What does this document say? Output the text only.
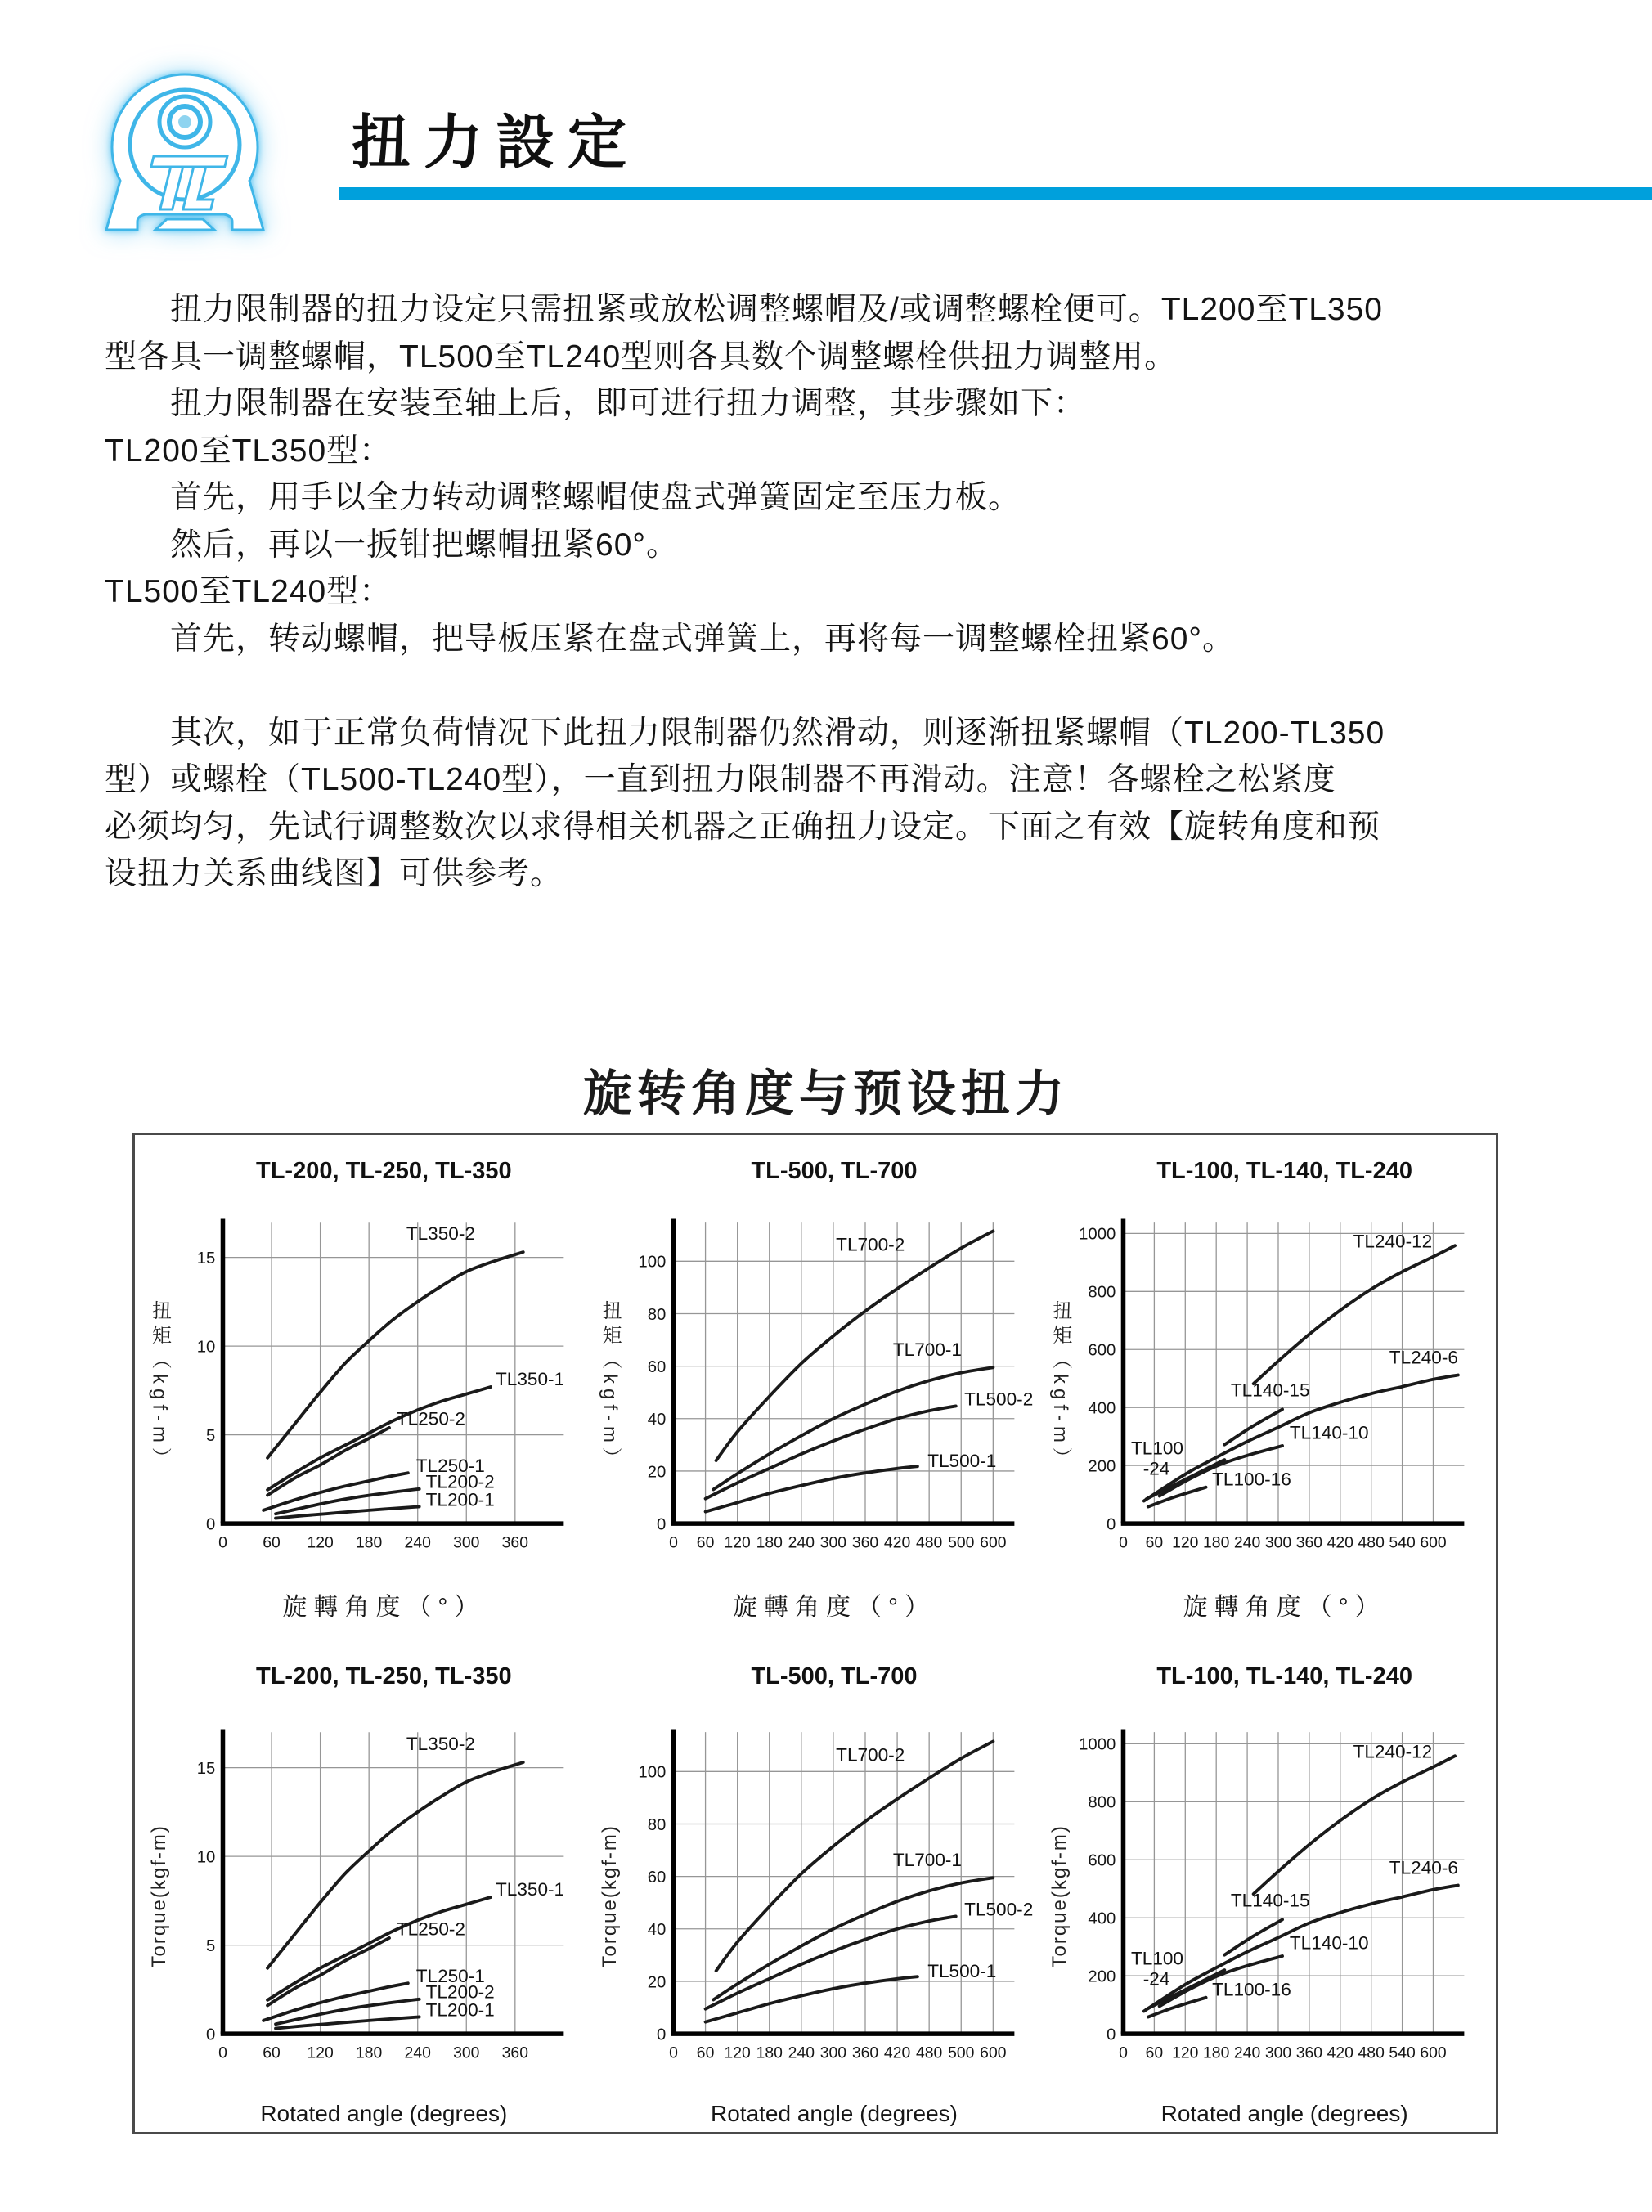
扭力設定
　　扭力限制器的扭力设定只需扭紧或放松调整螺帽及/或调整螺栓便可。TL200至TL350
型各具一调整螺帽，TL500至TL240型则各具数个调整螺栓供扭力调整用。
　　扭力限制器在安装至轴上后，即可进行扭力调整，其步骤如下：
TL200至TL350型：
　　首先，用手以全力转动调整螺帽使盘式弹簧固定至压力板。
　　然后，再以一扳钳把螺帽扭紧60°。
TL500至TL240型：
　　首先，转动螺帽，把导板压紧在盘式弹簧上，再将每一调整螺栓扭紧60°。
　　其次，如于正常负荷情况下此扭力限制器仍然滑动，则逐渐扭紧螺帽（TL200-TL350
型）或螺栓（TL500-TL240型），一直到扭力限制器不再滑动。注意！各螺栓之松紧度
必须均匀，先试行调整数次以求得相关机器之正确扭力设定。下面之有效【旋转角度和预
设扭力关系曲线图】可供参考。
旋转角度与预设扭力
TL-200, TL-250, TL-350
扭矩（kgf-m）
0
5
10
15
0 60 120 180 240 300 360
TL350-2
TL350-1
TL250-2
TL250-1
TL200-2
TL200-1
旋轉角度（°）
TL-500, TL-700
扭矩（kgf-m）
0
20
40
60
80
100
0 60 120 180 240 300 360 420 480 500 600
TL700-2
TL700-1
TL500-2
TL500-1
旋轉角度（°）
TL-100, TL-140, TL-240
扭矩（kgf-m）
0
200
400
600
800
1000
0 60 120 180 240 300 360 420 480 540 600
TL240-12
TL240-6
TL140-15
TL140-10
TL100 -24
TL100-16
旋轉角度（°）
TL-200, TL-250, TL-350
Torque(kgf-m)
0
5
10
15
0 60 120 180 240 300 360
TL350-2
TL350-1
TL250-2
TL250-1
TL200-2
TL200-1
Rotated angle (degrees)
TL-500, TL-700
Torque(kgf-m)
0
20
40
60
80
100
0 60 120 180 240 300 360 420 480 500 600
TL700-2
TL700-1
TL500-2
TL500-1
Rotated angle (degrees)
TL-100, TL-140, TL-240
Torque(kgf-m)
0
200
400
600
800
1000
0 60 120 180 240 300 360 420 480 540 600
TL240-12
TL240-6
TL140-15
TL140-10
TL100 -24
TL100-16
Rotated angle (degrees)
